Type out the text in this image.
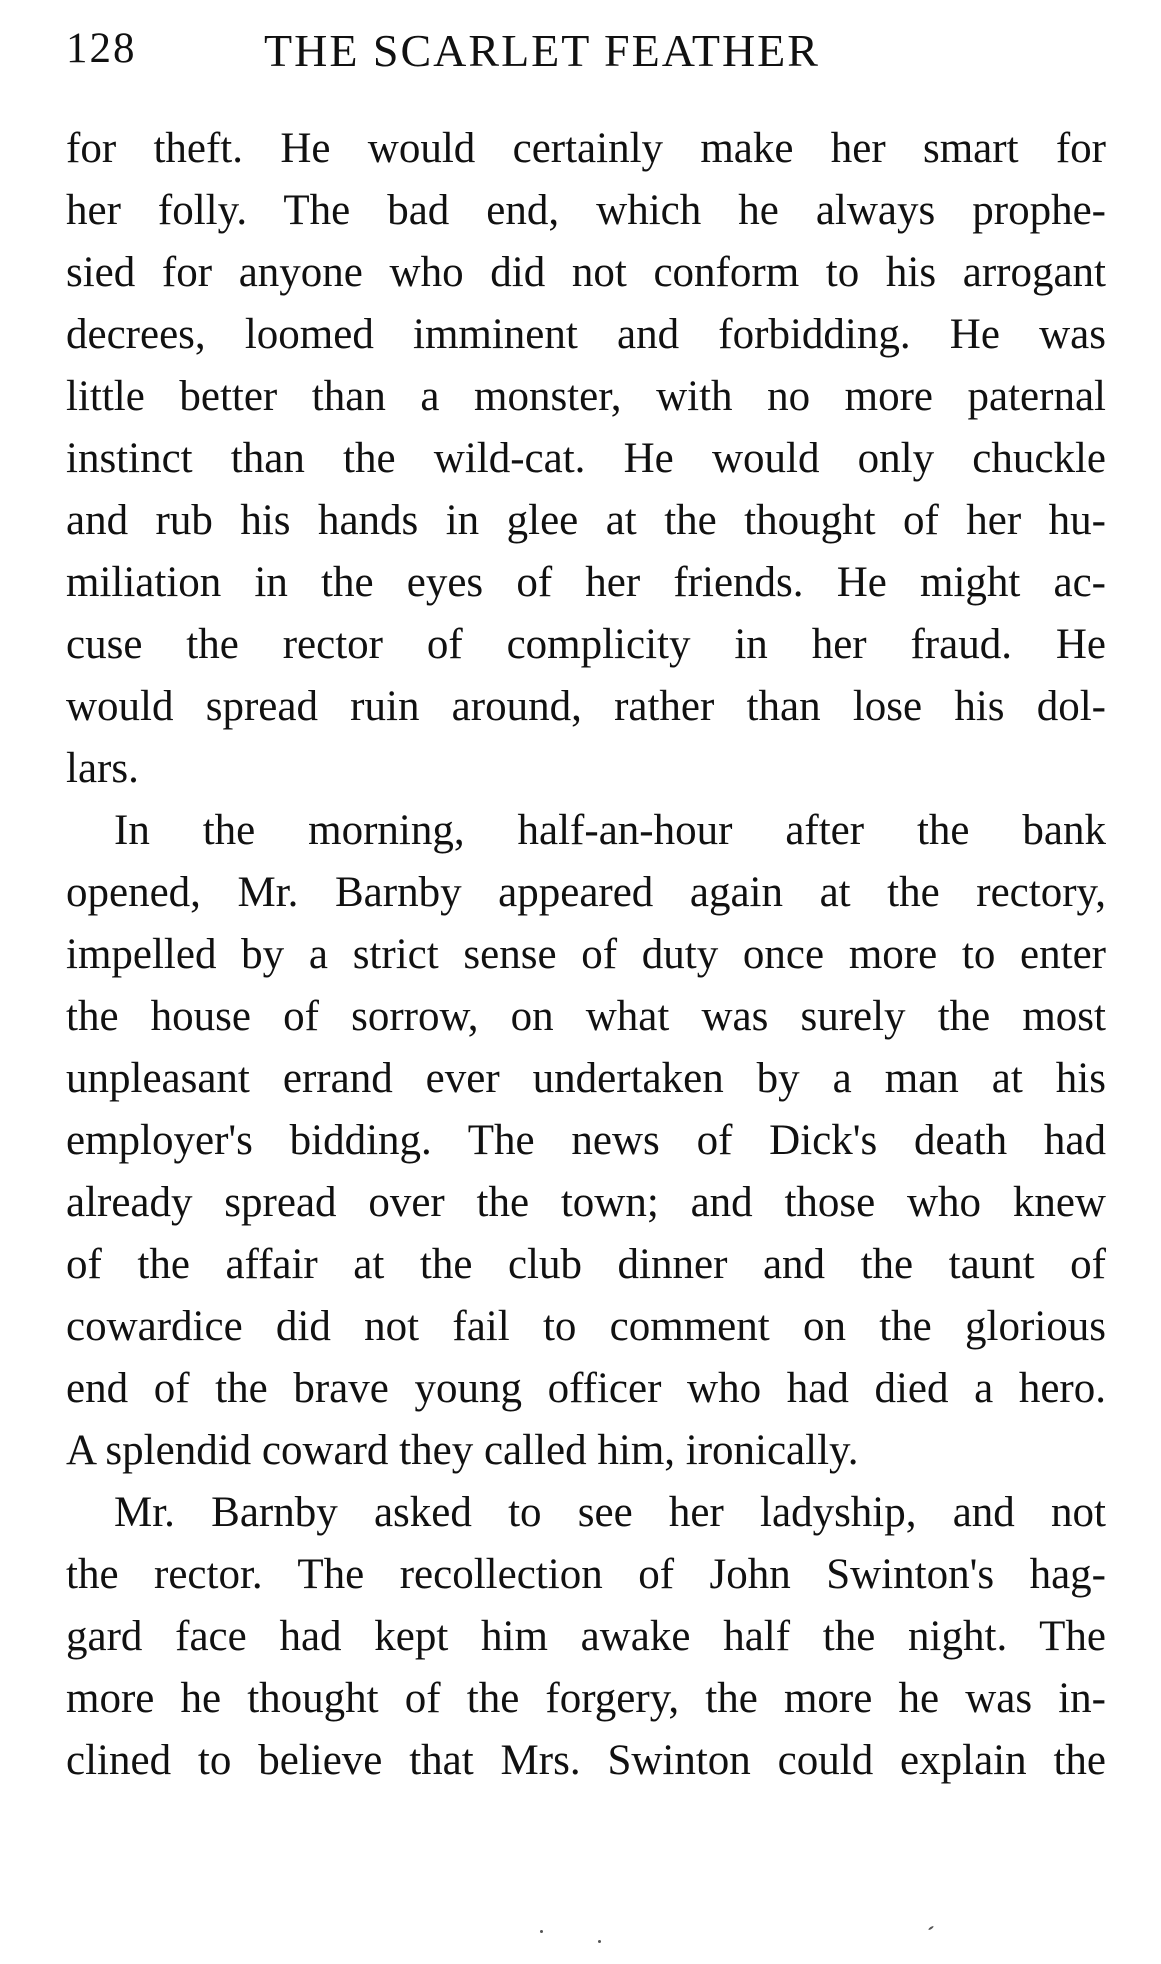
128	THE SCARLET FEATHER
for theft. He would certainly make her smart for
her folly. The bad end, which he always prophe-
sied for anyone who did not conform to his arrogant
decrees, loomed imminent and forbidding. He was
little better than a monster, with no more paternal
instinct than the wild-cat. He would only chuckle
and rub his hands in glee at the thought of her hu-
miliation in the eyes of her friends. He might ac-
cuse the rector of complicity in her fraud. He
would spread ruin around, rather than lose his dol-
lars.
In the morning, half-an-hour after the bank
opened, Mr. Barnby appeared again at the rectory,
impelled by a strict sense of duty once more to enter
the house of sorrow, on what was surely the most
unpleasant errand ever undertaken by a man at his
employer's bidding. The news of Dick's death had
already spread over the town; and those who knew
of the affair at the club dinner and the taunt of
cowardice did not fail to comment on the glorious
end of the brave young officer who had died a hero.
A splendid coward they called him, ironically.
Mr. Barnby asked to see her ladyship, and not
the rector. The recollection of John Swinton's hag-
gard face had kept him awake half the night. The
more he thought of the forgery, the more he was in-
clined to believe that Mrs. Swinton could explain the
